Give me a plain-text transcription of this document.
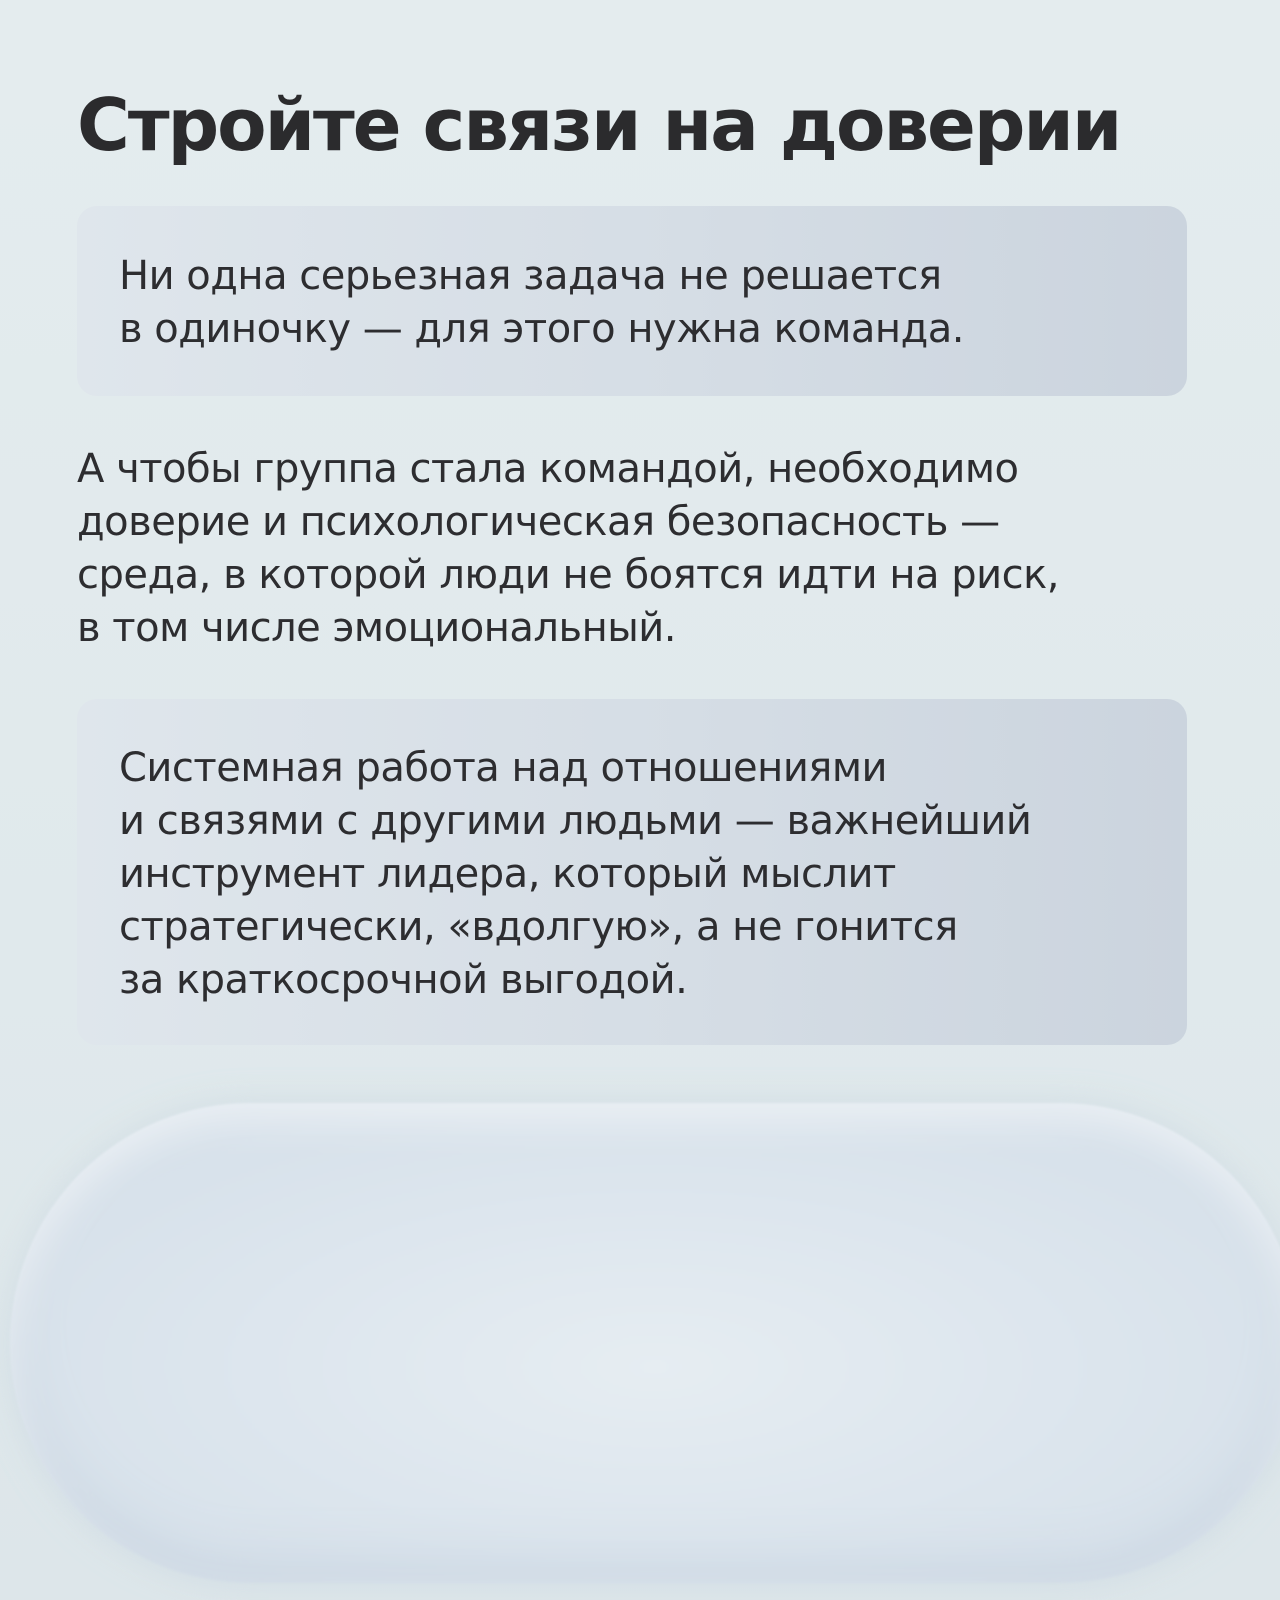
Стройте связи на доверии

Ни одна серьезная задача не решается
в одиночку — для этого нужна команда.

А чтобы группа стала командой, необходимо
доверие и психологическая безопасность —
среда, в которой люди не боятся идти на риск,
в том числе эмоциональный.

Системная работа над отношениями
и связями с другими людьми — важнейший
инструмент лидера, который мыслит
стратегически, «вдолгую», а не гонится
за краткосрочной выгодой.
